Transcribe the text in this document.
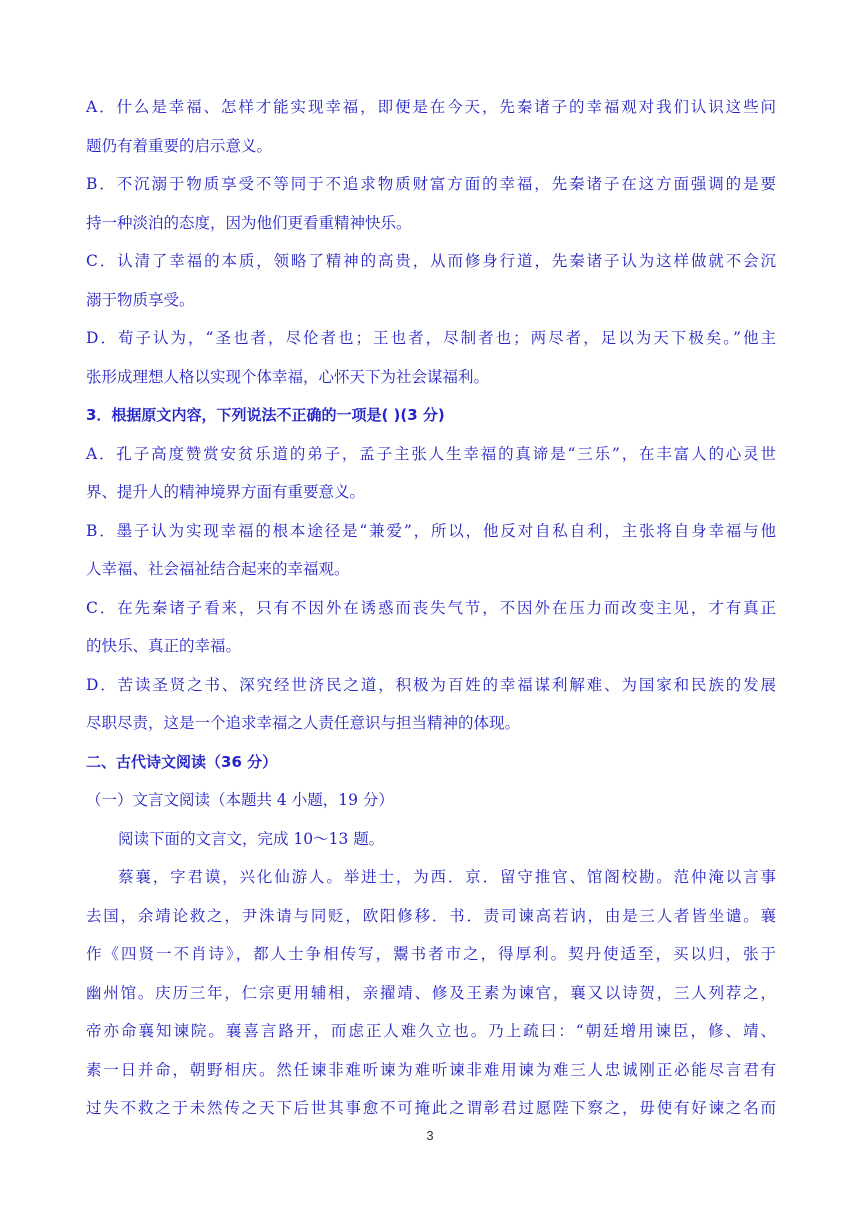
A．什么是幸福、怎样才能实现幸福，即便是在今天，先秦诸子的幸福观对我们认识这些问
题仍有着重要的启示意义。
B．不沉溺于物质享受不等同于不追求物质财富方面的幸福，先秦诸子在这方面强调的是要
持一种淡泊的态度，因为他们更看重精神快乐。
C．认清了幸福的本质，领略了精神的高贵，从而修身行道，先秦诸子认为这样做就不会沉
溺于物质享受。
D．荀子认为，“圣也者，尽伦者也；王也者，尽制者也；两尽者，足以为天下极矣。”他主
张形成理想人格以实现个体幸福，心怀天下为社会谋福利。
3．根据原文内容，下列说法不正确的一项是( )(3 分)
A．孔子高度赞赏安贫乐道的弟子，孟子主张人生幸福的真谛是“三乐”，在丰富人的心灵世
界、提升人的精神境界方面有重要意义。
B．墨子认为实现幸福的根本途径是“兼爱”，所以，他反对自私自利，主张将自身幸福与他
人幸福、社会福祉结合起来的幸福观。
C．在先秦诸子看来，只有不因外在诱惑而丧失气节，不因外在压力而改变主见，才有真正
的快乐、真正的幸福。
D．苦读圣贤之书、深究经世济民之道，积极为百姓的幸福谋利解难、为国家和民族的发展
尽职尽责，这是一个追求幸福之人责任意识与担当精神的体现。
二、古代诗文阅读（36 分）
（一）文言文阅读（本题共 4 小题，19 分）
阅读下面的文言文，完成 10～13 题。
蔡襄，字君谟，兴化仙游人。举进士，为西．京．留守推官、馆阁校勘。范仲淹以言事
去国，余靖论救之，尹洙请与同贬，欧阳修移．书．责司谏高若讷，由是三人者皆坐谴。襄
作《四贤一不肖诗》，都人士争相传写，鬻书者市之，得厚利。契丹使适至，买以归，张于
幽州馆。庆历三年，仁宗更用辅相，亲擢靖、修及王素为谏官，襄又以诗贺，三人列荐之，
帝亦命襄知谏院。襄喜言路开，而虑正人难久立也。乃上疏曰：“朝廷增用谏臣，修、靖、
素一日并命，朝野相庆。然任谏非难听谏为难听谏非难用谏为难三人忠诚刚正必能尽言君有
过失不救之于未然传之天下后世其事愈不可掩此之谓彰君过愿陛下察之，毋使有好谏之名而
3
